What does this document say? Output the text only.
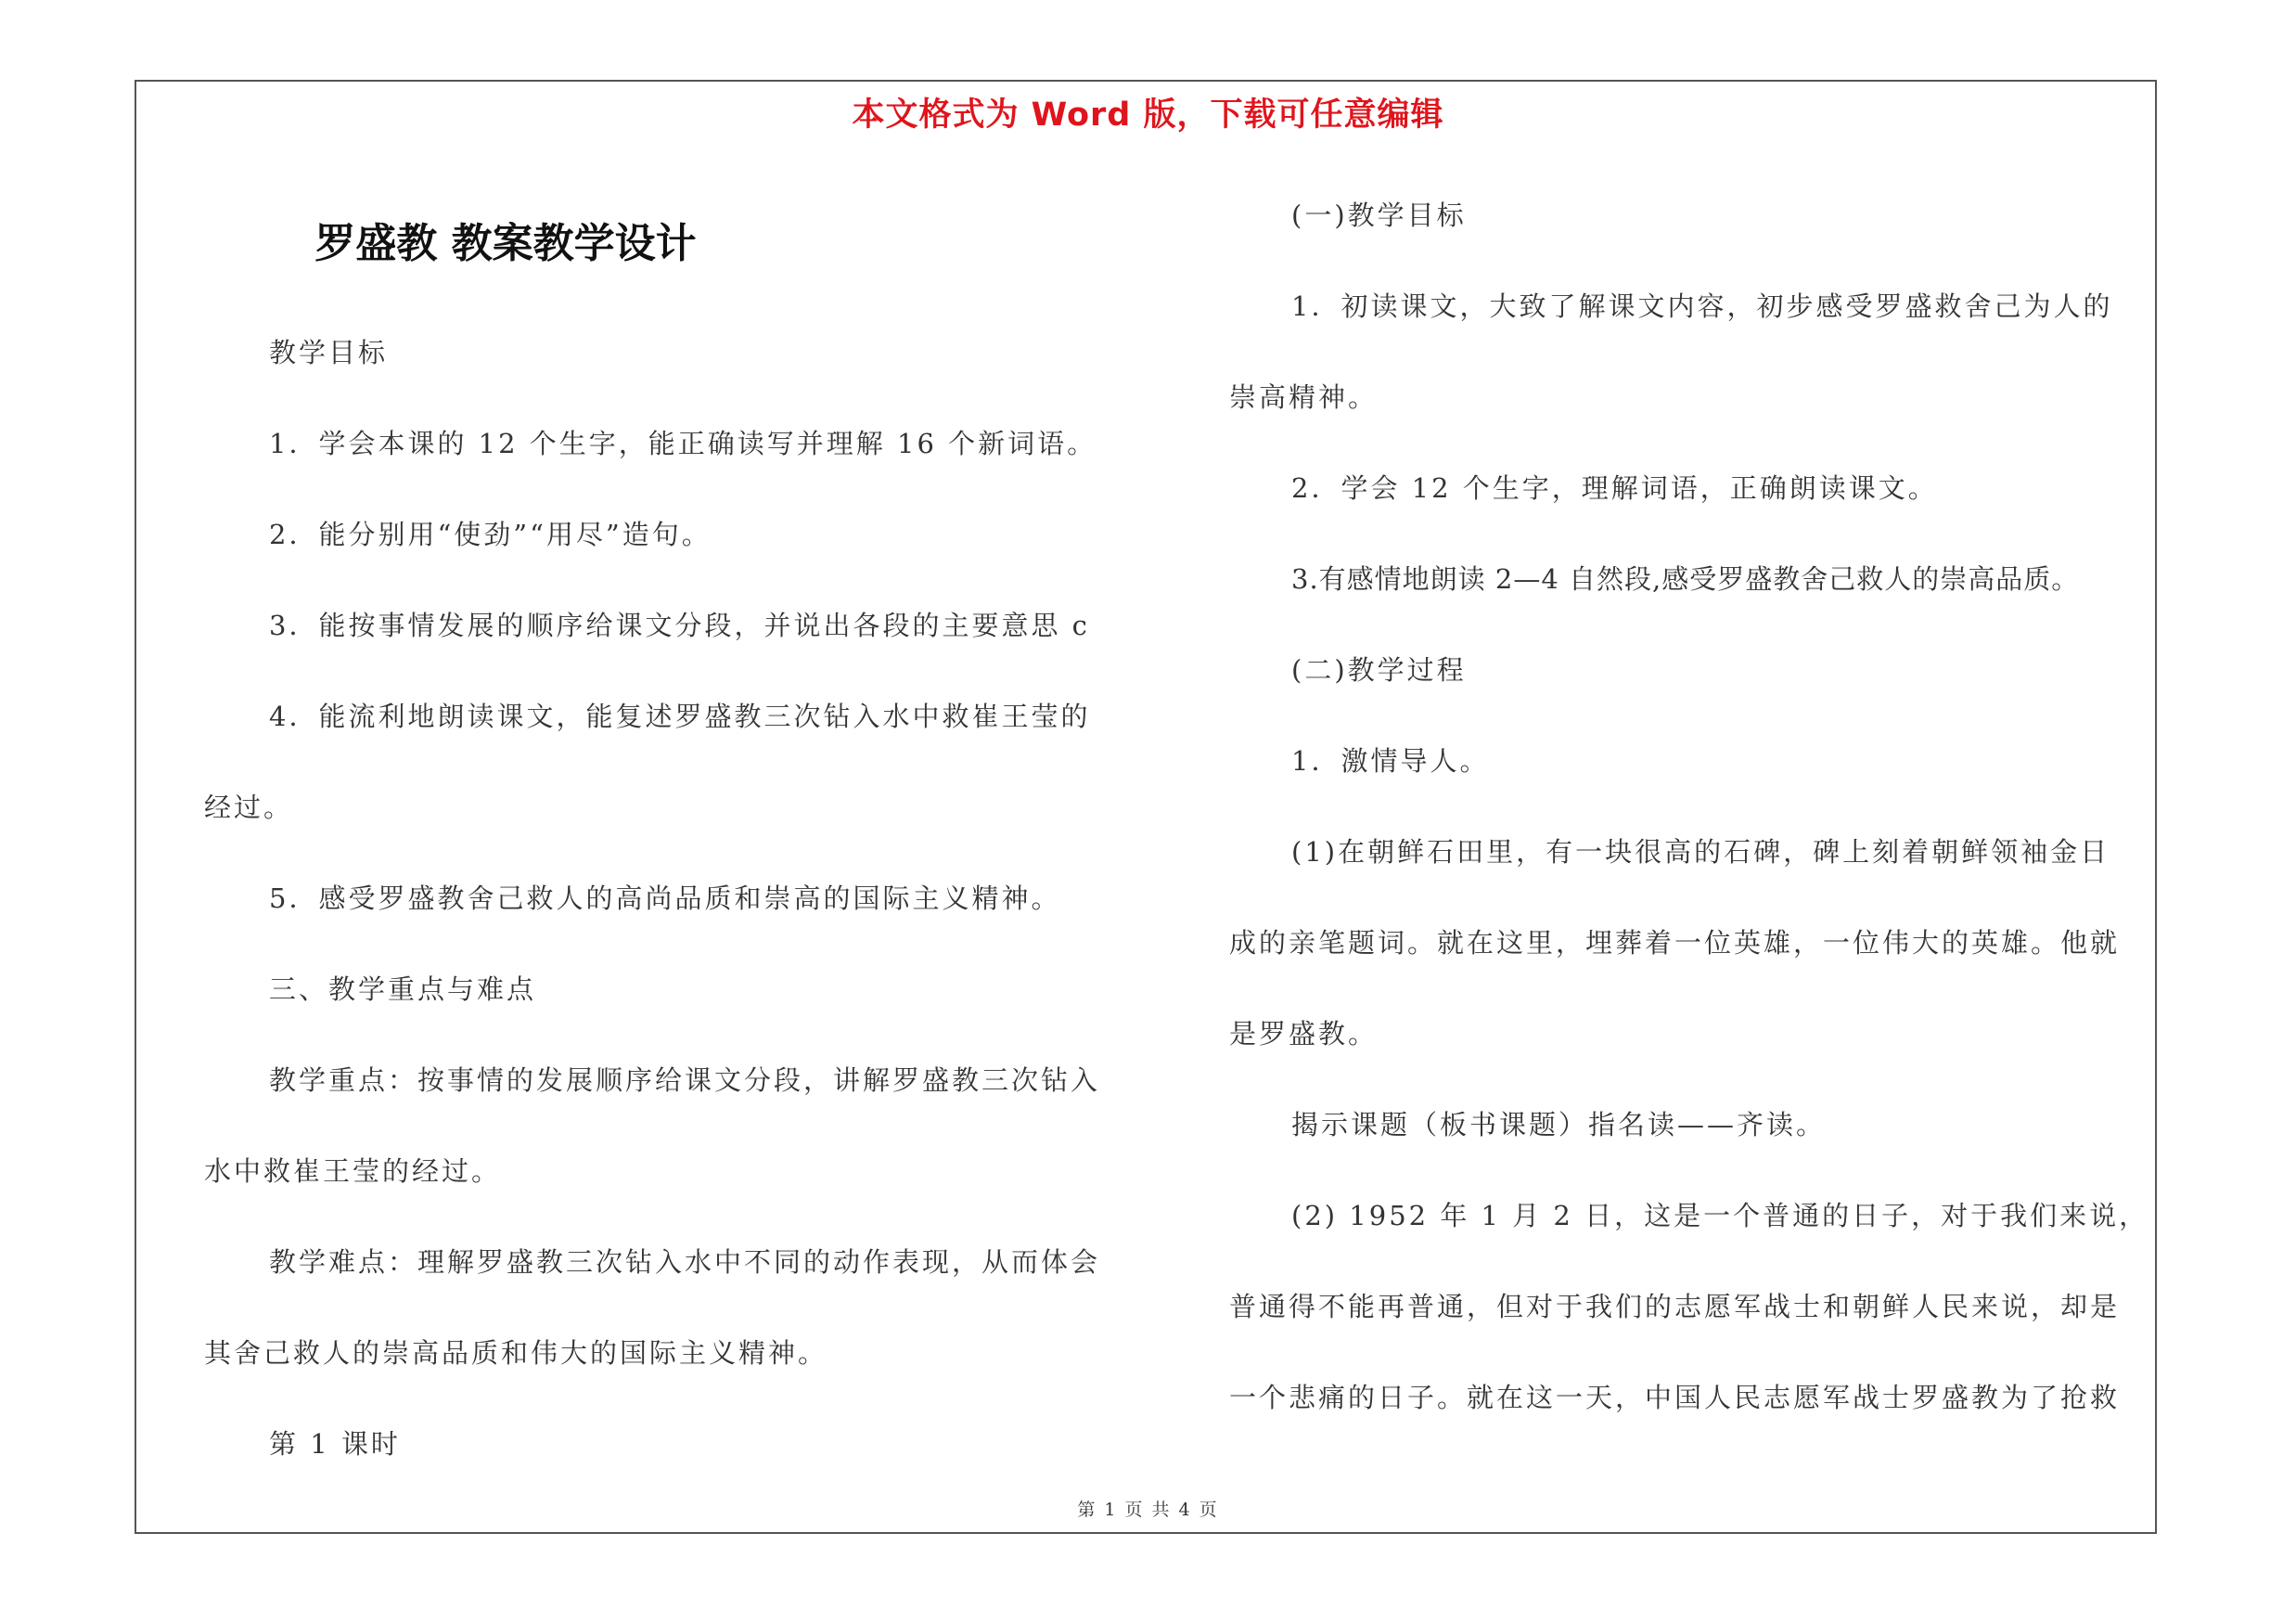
本文格式为 Word 版，下载可任意编辑
罗盛教 教案教学设计
教学目标
1．学会本课的 12 个生字，能正确读写并理解 16 个新词语。
2．能分别用“使劲”“用尽”造句。
3．能按事情发展的顺序给课文分段，并说出各段的主要意思 c
4．能流利地朗读课文，能复述罗盛教三次钻入水中救崔王莹的
经过。
5．感受罗盛教舍己救人的高尚品质和崇高的国际主义精神。
三、教学重点与难点
教学重点：按事情的发展顺序给课文分段，讲解罗盛教三次钻入
水中救崔王莹的经过。
教学难点：理解罗盛教三次钻入水中不同的动作表现，从而体会
其舍己救人的崇高品质和伟大的国际主义精神。
第 1 课时
(一)教学目标
1．初读课文，大致了解课文内容，初步感受罗盛救舍己为人的
崇高精神。
2．学会 12 个生字，理解词语，正确朗读课文。
3.有感情地朗读 2—4 自然段,感受罗盛教舍己救人的崇高品质。
(二)教学过程
1．激情导人。
(1)在朝鲜石田里，有一块很高的石碑，碑上刻着朝鲜领袖金日
成的亲笔题词。就在这里，埋葬着一位英雄，一位伟大的英雄。他就
是罗盛教。
揭示课题（板书课题）指名读——齐读。
(2) 1952 年 1 月 2 日，这是一个普通的日子，对于我们来说，
普通得不能再普通，但对于我们的志愿军战士和朝鲜人民来说，却是
一个悲痛的日子。就在这一天，中国人民志愿军战士罗盛教为了抢救
第 1 页 共 4 页
